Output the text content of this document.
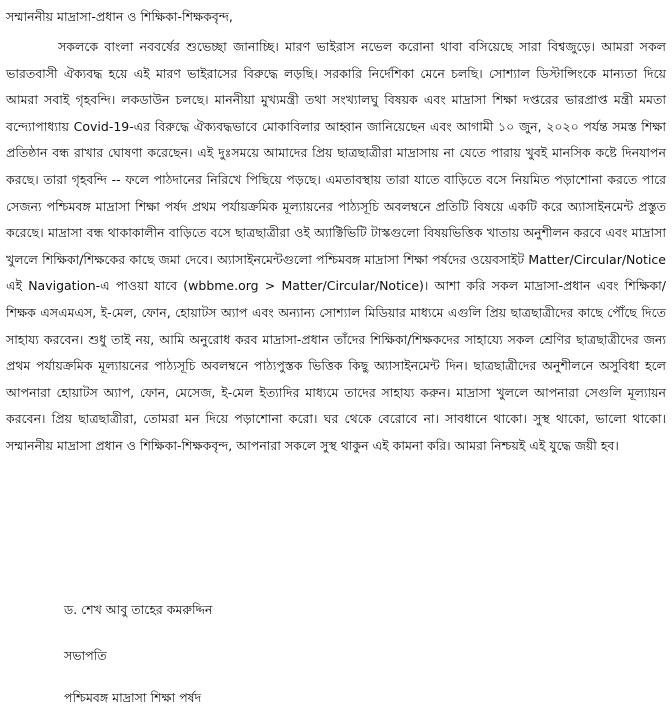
সম্মাননীয় মাদ্রাসা-প্রধান ও শিক্ষিকা-শিক্ষকবৃন্দ,

সকলকে বাংলা নববর্ষের শুভেচ্ছা জানাচ্ছি। মারণ ভাইরাস নভেল করোনা থাবা বসিয়েছে সারা বিশ্বজুড়ে। আমরা সকল ভারতবাসী ঐক্যবদ্ধ হয়ে এই মারণ ভাইরাসের বিরুদ্ধে লড়ছি। সরকারি নির্দেশিকা মেনে চলছি। সোশ্যাল ডিস্টান্সিংকে মান্যতা দিয়ে আমরা সবাই গৃহবন্দি। লকডাউন চলছে। মাননীয়া মুখ্যমন্ত্রী তথা সংখ্যালঘু বিষয়ক এবং মাদ্রাসা শিক্ষা দপ্তরের ভারপ্রাপ্ত মন্ত্রী মমতা বন্দ্যোপাধ্যায় Covid-19-এর বিরুদ্ধে ঐক্যবদ্ধভাবে মোকাবিলার আহ্বান জানিয়েছেন এবং আগামী ১০ জুন, ২০২০ পর্যন্ত সমস্ত শিক্ষা প্রতিষ্ঠান বন্ধ রাখার ঘোষণা করেছেন। এই দুঃসময়ে আমাদের প্রিয় ছাত্রছাত্রীরা মাদ্রাসায় না যেতে পারায় খুবই মানসিক কষ্টে দিনযাপন করছে। তারা গৃহবন্দি -- ফলে পাঠদানের নিরিখে পিছিয়ে পড়ছে। এমতাবস্থায় তারা যাতে বাড়িতে বসে নিয়মিত পড়াশোনা করতে পারে সেজন্য পশ্চিমবঙ্গ মাদ্রাসা শিক্ষা পর্ষদ প্রথম পর্যায়ক্রমিক মূল্যায়নের পাঠ্যসূচি অবলম্বনে প্রতিটি বিষয়ে একটি করে অ্যাসাইনমেন্ট প্রস্তুত করেছে। মাদ্রাসা বন্ধ থাকাকালীন বাড়িতে বসে ছাত্রছাত্রীরা ওই অ্যাক্টিভিটি টাস্কগুলো বিষয়ভিত্তিক খাতায় অনুশীলন করবে এবং মাদ্রাসা খুললে শিক্ষিকা/শিক্ষকের কাছে জমা দেবে। অ্যাসাইনমেন্টগুলো পশ্চিমবঙ্গ মাদ্রাসা শিক্ষা পর্ষদের ওয়েবসাইট Matter/Circular/Notice এই Navigation-এ পাওয়া যাবে (wbbme.org > Matter/Circular/Notice)। আশা করি সকল মাদ্রাসা-প্রধান এবং শিক্ষিকা/শিক্ষক এসএমএস, ই-মেল, ফোন, হোয়াটস অ্যাপ এবং অন্যান্য সোশ্যাল মিডিয়ার মাধ্যমে এগুলি প্রিয় ছাত্রছাত্রীদের কাছে পৌঁছে দিতে সাহায্য করবেন। শুধু তাই নয়, আমি অনুরোধ করব মাদ্রাসা-প্রধান তাঁদের শিক্ষিকা/শিক্ষকদের সাহায্যে সকল শ্রেণির ছাত্রছাত্রীদের জন্য প্রথম পর্যায়ক্রমিক মূল্যায়নের পাঠ্যসূচি অবলম্বনে পাঠ্যপুস্তক ভিত্তিক কিছু অ্যাসাইনমেন্ট দিন। ছাত্রছাত্রীদের অনুশীলনে অসুবিধা হলে আপনারা হোয়াটস অ্যাপ, ফোন, মেসেজ, ই-মেল ইত্যাদির মাধ্যমে তাদের সাহায্য করুন। মাদ্রাসা খুললে আপনারা সেগুলি মূল্যায়ন করবেন। প্রিয় ছাত্রছাত্রীরা, তোমরা মন দিয়ে পড়াশোনা করো। ঘর থেকে বেরোবে না। সাবধানে থাকো। সুস্থ থাকো, ভালো থাকো। সম্মাননীয় মাদ্রাসা প্রধান ও শিক্ষিকা-শিক্ষকবৃন্দ, আপনারা সকলে সুস্থ থাকুন এই কামনা করি। আমরা নিশ্চয়ই এই যুদ্ধে জয়ী হব।

ড. শেখ আবু তাহের কমরুদ্দিন
সভাপতি
পশ্চিমবঙ্গ মাদ্রাসা শিক্ষা পর্ষদ
